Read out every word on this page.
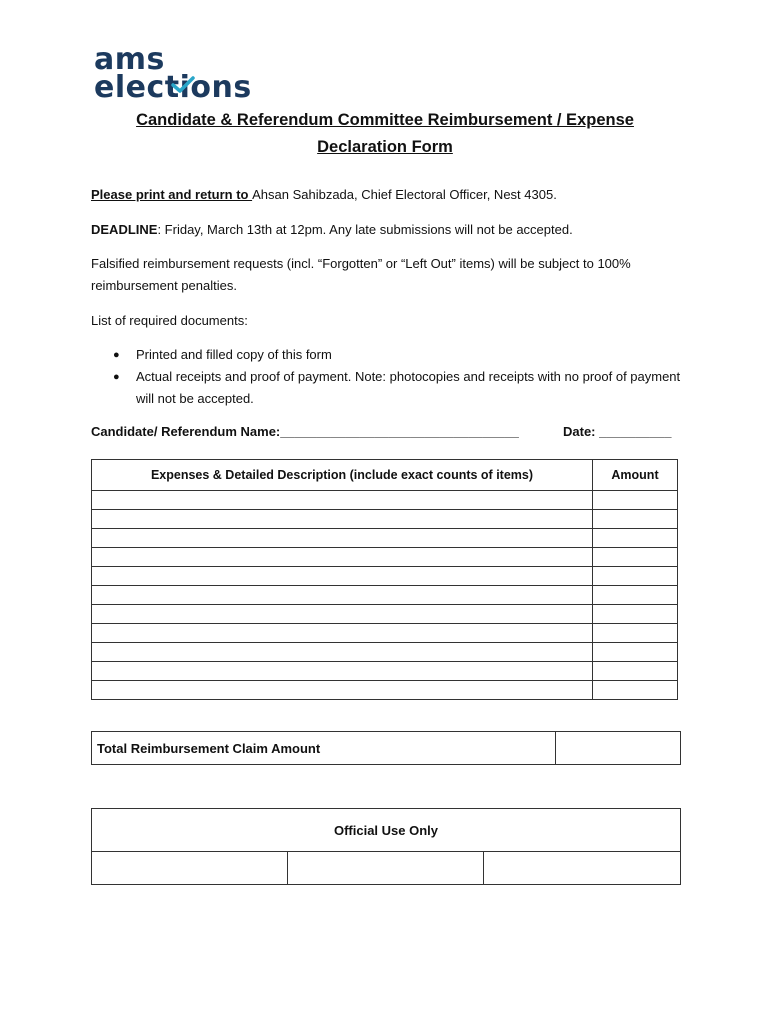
ams
elections
Candidate & Referendum Committee Reimbursement / Expense
Declaration Form
Please print and return to Ahsan Sahibzada, Chief Electoral Officer, Nest 4305.
DEADLINE: Friday, March 13th at 12pm. Any late submissions will not be accepted.
Falsified reimbursement requests (incl. “Forgotten” or “Left Out” items) will be subject to 100% reimbursement penalties.
List of required documents:
● Printed and filled copy of this form
● Actual receipts and proof of payment. Note: photocopies and receipts with no proof of payment will not be accepted.
Candidate/ Referendum Name:_________________________________	Date: __________
Expenses & Detailed Description (include exact counts of items)	Amount

Total Reimbursement Claim Amount	
Official Use Only
